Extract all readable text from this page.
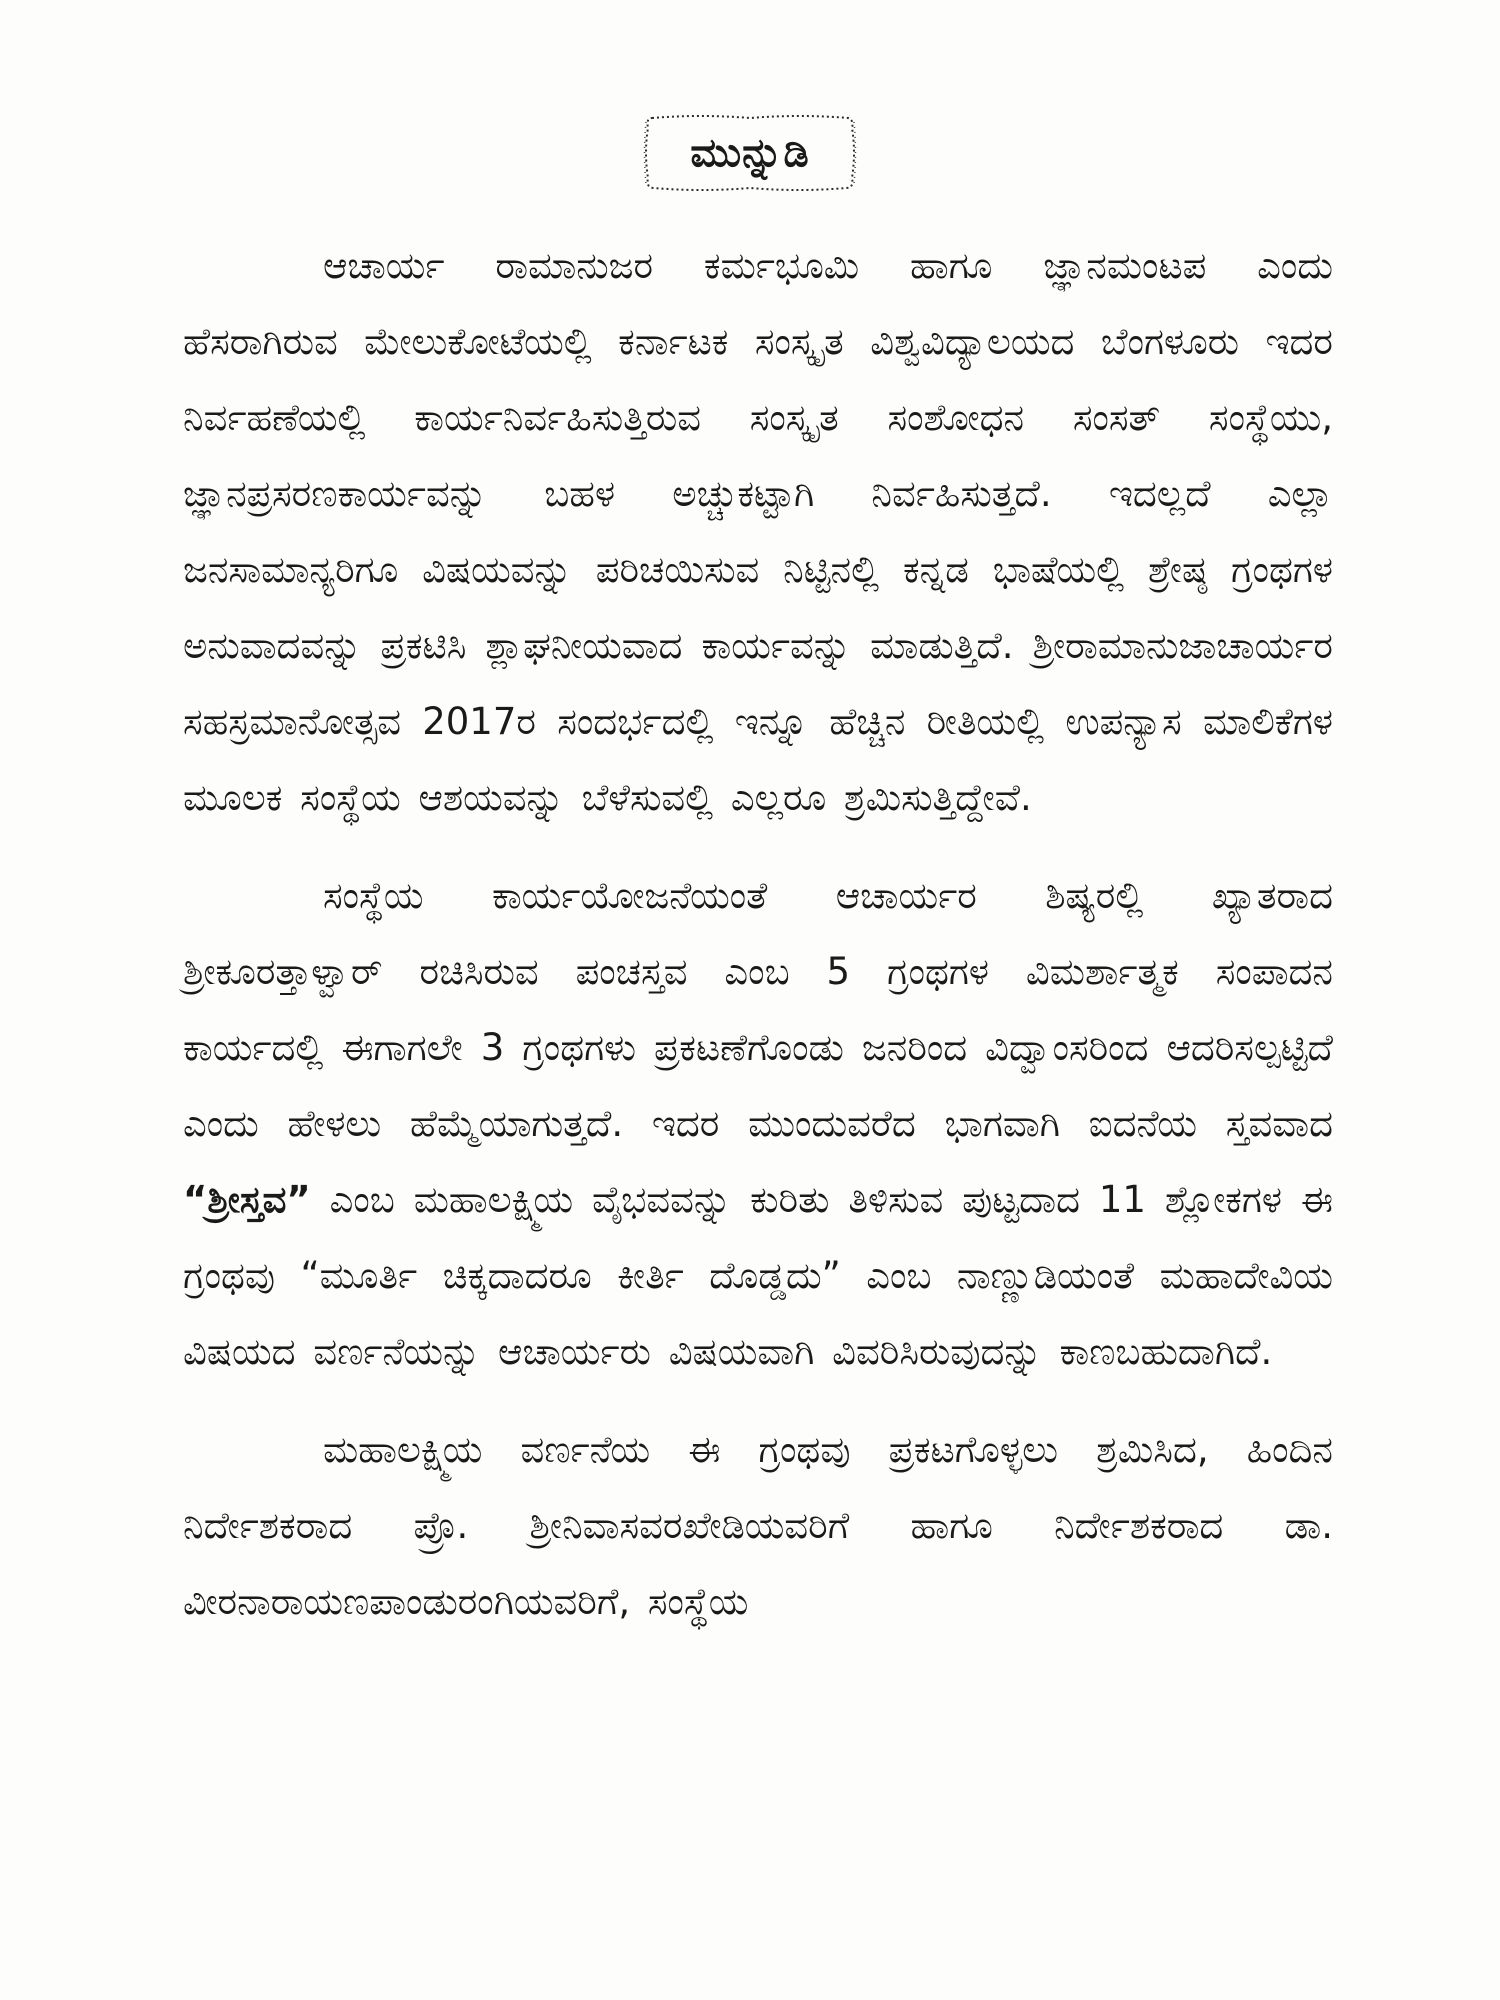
ಮುನ್ನುಡಿ

ಆಚಾರ್ಯ ರಾಮಾನುಜರ ಕರ್ಮಭೂಮಿ ಹಾಗೂ ಜ್ಞಾನಮಂಟಪ ಎಂದು ಹೆಸರಾಗಿರುವ ಮೇಲುಕೋಟೆಯಲ್ಲಿ ಕರ್ನಾಟಕ ಸಂಸ್ಕೃತ ವಿಶ್ವವಿದ್ಯಾಲಯದ ಬೆಂಗಳೂರು ಇದರ ನಿರ್ವಹಣೆಯಲ್ಲಿ ಕಾರ್ಯನಿರ್ವಹಿಸುತ್ತಿರುವ ಸಂಸ್ಕೃತ ಸಂಶೋಧನ ಸಂಸತ್ ಸಂಸ್ಥೆಯು, ಜ್ಞಾನಪ್ರಸರಣಕಾರ್ಯವನ್ನು ಬಹಳ ಅಚ್ಚುಕಟ್ಟಾಗಿ ನಿರ್ವಹಿಸುತ್ತದೆ. ಇದಲ್ಲದೆ ಎಲ್ಲಾ ಜನಸಾಮಾನ್ಯರಿಗೂ ವಿಷಯವನ್ನು ಪರಿಚಯಿಸುವ ನಿಟ್ಟಿನಲ್ಲಿ ಕನ್ನಡ ಭಾಷೆಯಲ್ಲಿ ಶ್ರೇಷ್ಠ ಗ್ರಂಥಗಳ ಅನುವಾದವನ್ನು ಪ್ರಕಟಿಸಿ ಶ್ಲಾಘನೀಯವಾದ ಕಾರ್ಯವನ್ನು ಮಾಡುತ್ತಿದೆ. ಶ್ರೀರಾಮಾನುಜಾಚಾರ್ಯರ ಸಹಸ್ರಮಾನೋತ್ಸವ 2017ರ ಸಂದರ್ಭದಲ್ಲಿ ಇನ್ನೂ ಹೆಚ್ಚಿನ ರೀತಿಯಲ್ಲಿ ಉಪನ್ಯಾಸ ಮಾಲಿಕೆಗಳ ಮೂಲಕ ಸಂಸ್ಥೆಯ ಆಶಯವನ್ನು ಬೆಳೆಸುವಲ್ಲಿ ಎಲ್ಲರೂ ಶ್ರಮಿಸುತ್ತಿದ್ದೇವೆ.

ಸಂಸ್ಥೆಯ ಕಾರ್ಯಯೋಜನೆಯಂತೆ ಆಚಾರ್ಯರ ಶಿಷ್ಯರಲ್ಲಿ ಖ್ಯಾತರಾದ ಶ್ರೀಕೂರತ್ತಾಳ್ವಾರ್ ರಚಿಸಿರುವ ಪಂಚಸ್ತವ ಎಂಬ 5 ಗ್ರಂಥಗಳ ವಿಮರ್ಶಾತ್ಮಕ ಸಂಪಾದನ ಕಾರ್ಯದಲ್ಲಿ ಈಗಾಗಲೇ 3 ಗ್ರಂಥಗಳು ಪ್ರಕಟಣೆಗೊಂಡು ಜನರಿಂದ ವಿದ್ವಾಂಸರಿಂದ ಆದರಿಸಲ್ಪಟ್ಟಿದೆ ಎಂದು ಹೇಳಲು ಹೆಮ್ಮೆಯಾಗುತ್ತದೆ. ಇದರ ಮುಂದುವರೆದ ಭಾಗವಾಗಿ ಐದನೆಯ ಸ್ತವವಾದ “ಶ್ರೀಸ್ತವ” ಎಂಬ ಮಹಾಲಕ್ಷ್ಮಿಯ ವೈಭವವನ್ನು ಕುರಿತು ತಿಳಿಸುವ ಪುಟ್ಟದಾದ 11 ಶ್ಲೋಕಗಳ ಈ ಗ್ರಂಥವು “ಮೂರ್ತಿ ಚಿಕ್ಕದಾದರೂ ಕೀರ್ತಿ ದೊಡ್ಡದು” ಎಂಬ ನಾಣ್ಣುಡಿಯಂತೆ ಮಹಾದೇವಿಯ ವಿಷಯದ ವರ್ಣನೆಯನ್ನು ಆಚಾರ್ಯರು ವಿಷಯವಾಗಿ ವಿವರಿಸಿರುವುದನ್ನು ಕಾಣಬಹುದಾಗಿದೆ.

ಮಹಾಲಕ್ಷ್ಮಿಯ ವರ್ಣನೆಯ ಈ ಗ್ರಂಥವು ಪ್ರಕಟಗೊಳ್ಳಲು ಶ್ರಮಿಸಿದ, ಹಿಂದಿನ ನಿರ್ದೇಶಕರಾದ ಪ್ರೊ. ಶ್ರೀನಿವಾಸವರಖೇಡಿಯವರಿಗೆ ಹಾಗೂ ನಿರ್ದೇಶಕರಾದ ಡಾ. ವೀರನಾರಾಯಣಪಾಂಡುರಂಗಿಯವರಿಗೆ, ಸಂಸ್ಥೆಯ
